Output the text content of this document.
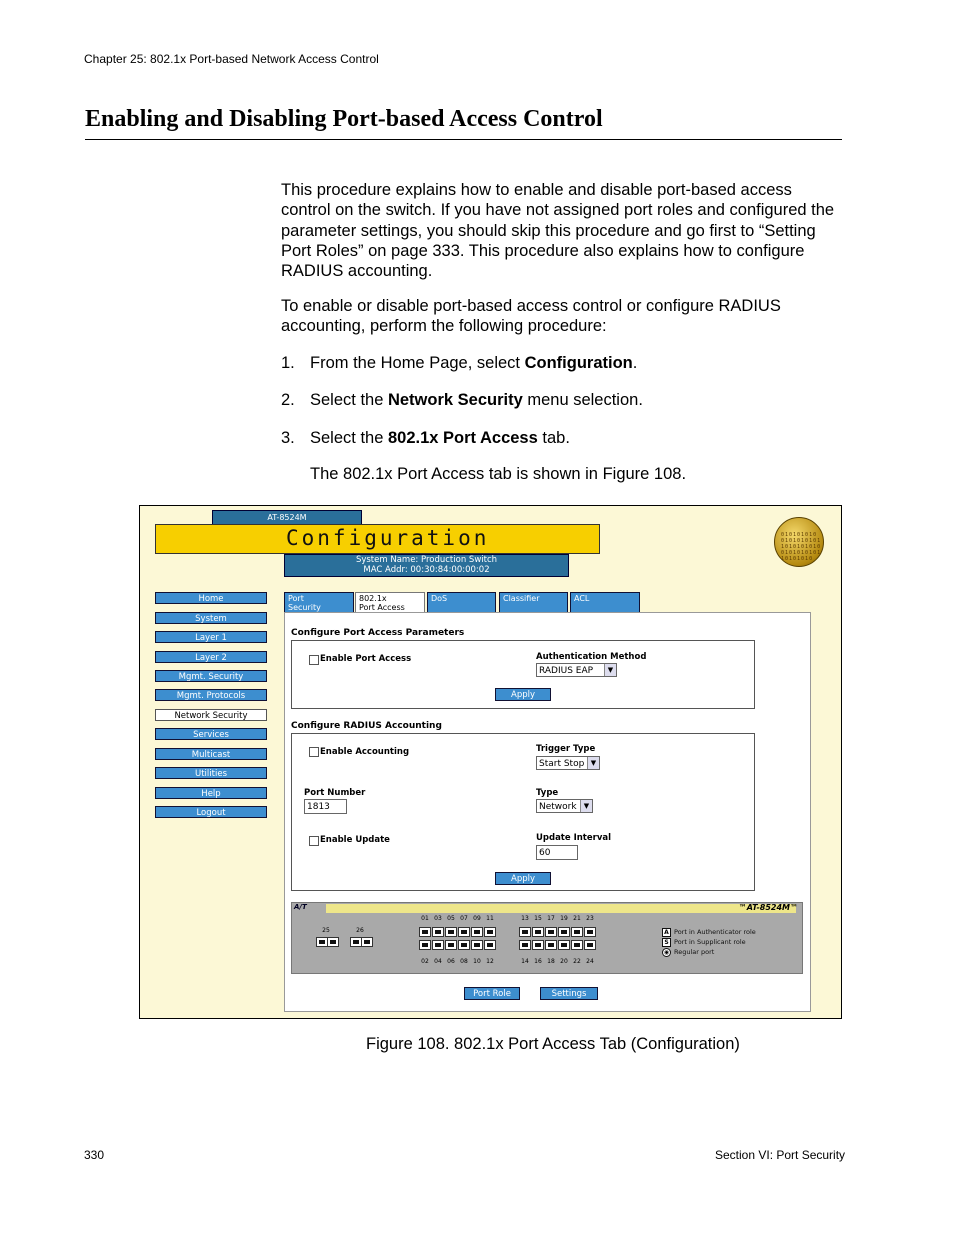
Chapter 25: 802.1x Port-based Network Access Control
Enabling and Disabling Port-based Access Control
This procedure explains how to enable and disable port-based access control on the switch. If you have not assigned port roles and configured the parameter settings, you should skip this procedure and go first to “Setting Port Roles” on page 333. This procedure also explains how to configure RADIUS accounting.
To enable or disable port-based access control or configure RADIUS accounting, perform the following procedure:
1. From the Home Page, select Configuration.
2. Select the Network Security menu selection.
3. Select the 802.1x Port Access tab.
The 802.1x Port Access tab is shown in Figure 108.
AT-8524M
Configuration
System Name: Production Switch
MAC Addr: 00:30:84:00:00:02
010101010 0101010101 1010101010 0101010101 10101010
Home
System
Layer 1
Layer 2
Mgmt. Security
Mgmt. Protocols
Network Security
Services
Multicast
Utilities
Help
Logout
Port
Security
802.1x
Port Access
DoS	Classifier	ACL
Configure Port Access Parameters
Enable Port Access	Authentication Method
RADIUS EAP	▼
Apply
Configure RADIUS Accounting
Enable Accounting	Trigger Type
Start Stop ▼
Port Number
1813
Type
Network	▼
Enable Update	Update Interval
60
Apply
A/T	™AT-8524M™
01 03 05 07 09 11	13 15 17 19 21 23
02 04 06 08 10 12	14 16 18 20 22 24
25	26	A Port in Authenticator role
S Port in Supplicant role
◉ Regular port
Port Role	Settings
Figure 108. 802.1x Port Access Tab (Configuration)
330	Section VI: Port Security
